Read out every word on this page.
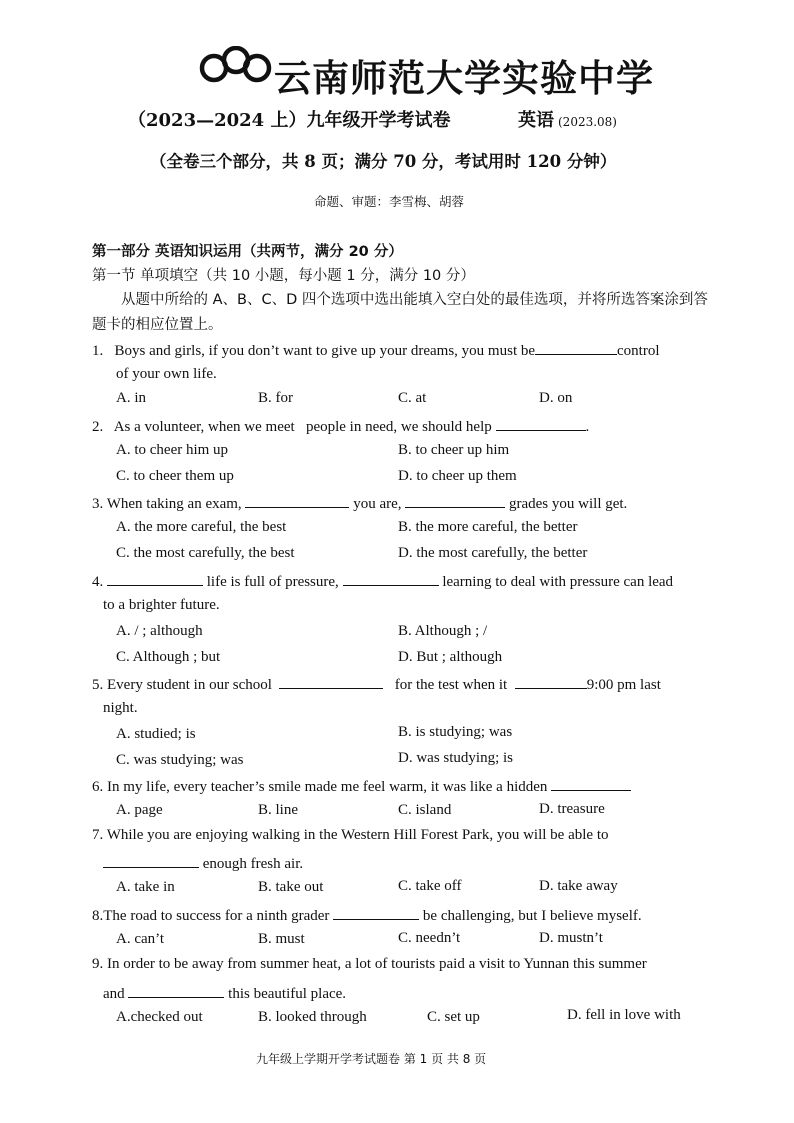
云南师范大学实验中学
（2023—2024 上）九年级开学考试卷	英语 (2023.08)
（全卷三个部分，共 8 页；满分 70 分，考试用时 120 分钟）
命题、审题：李雪梅、胡蓉
第一部分 英语知识运用（共两节，满分 20 分）
第一节 单项填空（共 10 小题，每小题 1 分，满分 10 分）
从题中所给的 A、B、C、D 四个选项中选出能填入空白处的最佳选项，并将所选答案涂到答题卡的相应位置上。
1. Boys and girls, if you don’t want to give up your dreams, you must be	control
of your own life.
A. in	B. for	C. at	D. on
2. As a volunteer, when we meet people in need, we should help	.
A. to cheer him up	B. to cheer up him
C. to cheer them up	D. to cheer up them
3. When taking an exam,	you are,	grades you will get.
A. the more careful, the best	B. the more careful, the better
C. the most carefully, the best	D. the most carefully, the better
4.	life is full of pressure,	learning to deal with pressure can lead
to a brighter future.
A. / ; although	B. Although ; /
C. Although ; but	D. But ; although
5. Every student in our school	for the test when it	9:00 pm last
night.
A. studied; is	B. is studying; was
C. was studying; was	D. was studying; is
6. In my life, every teacher’s smile made me feel warm, it was like a hidden
A. page	B. line	C. island	D. treasure
7. While you are enjoying walking in the Western Hill Forest Park, you will be able to
enough fresh air.
A. take in	B. take out	C. take off	D. take away
8.The road to success for a ninth grader	be challenging, but I believe myself.
A. can’t	B. must	C. needn’t	D. mustn’t
9. In order to be away from summer heat, a lot of tourists paid a visit to Yunnan this summer
and	this beautiful place.
A.checked out	B. looked through	C. set up	D. fell in love with
九年级上学期开学考试题卷 第 1 页 共 8 页
